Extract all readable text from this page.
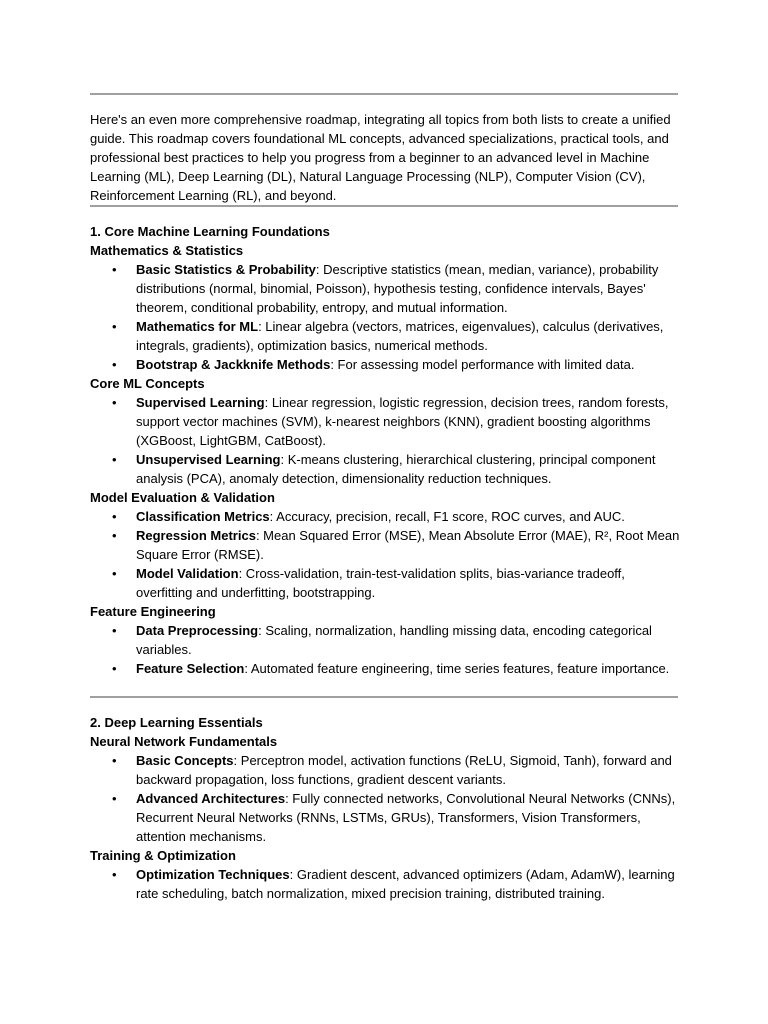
Here's an even more comprehensive roadmap, integrating all topics from both lists to create a unified guide. This roadmap covers foundational ML concepts, advanced specializations, practical tools, and professional best practices to help you progress from a beginner to an advanced level in Machine Learning (ML), Deep Learning (DL), Natural Language Processing (NLP), Computer Vision (CV), Reinforcement Learning (RL), and beyond.
1. Core Machine Learning Foundations
Mathematics & Statistics
• Basic Statistics & Probability: Descriptive statistics (mean, median, variance), probability distributions (normal, binomial, Poisson), hypothesis testing, confidence intervals, Bayes' theorem, conditional probability, entropy, and mutual information.
• Mathematics for ML: Linear algebra (vectors, matrices, eigenvalues), calculus (derivatives, integrals, gradients), optimization basics, numerical methods.
• Bootstrap & Jackknife Methods: For assessing model performance with limited data.
Core ML Concepts
• Supervised Learning: Linear regression, logistic regression, decision trees, random forests, support vector machines (SVM), k-nearest neighbors (KNN), gradient boosting algorithms (XGBoost, LightGBM, CatBoost).
• Unsupervised Learning: K-means clustering, hierarchical clustering, principal component analysis (PCA), anomaly detection, dimensionality reduction techniques.
Model Evaluation & Validation
• Classification Metrics: Accuracy, precision, recall, F1 score, ROC curves, and AUC.
• Regression Metrics: Mean Squared Error (MSE), Mean Absolute Error (MAE), R², Root Mean Square Error (RMSE).
• Model Validation: Cross-validation, train-test-validation splits, bias-variance tradeoff, overfitting and underfitting, bootstrapping.
Feature Engineering
• Data Preprocessing: Scaling, normalization, handling missing data, encoding categorical variables.
• Feature Selection: Automated feature engineering, time series features, feature importance.
2. Deep Learning Essentials
Neural Network Fundamentals
• Basic Concepts: Perceptron model, activation functions (ReLU, Sigmoid, Tanh), forward and backward propagation, loss functions, gradient descent variants.
• Advanced Architectures: Fully connected networks, Convolutional Neural Networks (CNNs), Recurrent Neural Networks (RNNs, LSTMs, GRUs), Transformers, Vision Transformers, attention mechanisms.
Training & Optimization
• Optimization Techniques: Gradient descent, advanced optimizers (Adam, AdamW), learning rate scheduling, batch normalization, mixed precision training, distributed training.
